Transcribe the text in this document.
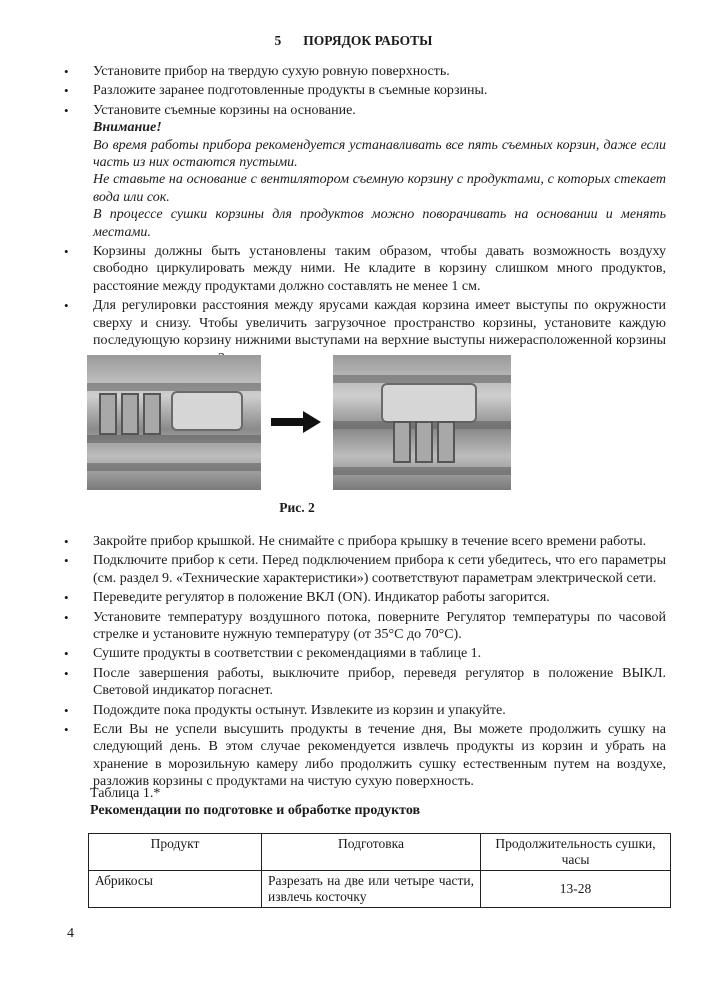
5 ПОРЯДОК РАБОТЫ
• Установите прибор на твердую сухую ровную поверхность.
• Разложите заранее подготовленные продукты в съемные корзины.
• Установите съемные корзины на основание.
Внимание!
Во время работы прибора рекомендуется устанавливать все пять съемных корзин, даже если часть из них остаются пустыми.
Не ставьте на основание с вентилятором съемную корзину с продуктами, с которых стекает вода или сок.
В процессе сушки корзины для продуктов можно поворачивать на основании и менять местами.
• Корзины должны быть установлены таким образом, чтобы давать возможность воздуху свободно циркулировать между ними. Не кладите в корзину слишком много продуктов, расстояние между продуктами должно составлять не менее 1 см.
• Для регулировки расстояния между ярусами каждая корзина имеет выступы по окружности сверху и снизу. Чтобы увеличить загрузочное пространство корзины, установите каждую последующую корзину нижними выступами на верхние выступы нижерасположенной корзины
Рис. 2
• Закройте прибор крышкой. Не снимайте с прибора крышку в течение всего времени работы.
• Подключите прибор к сети. Перед подключением прибора к сети убедитесь, что его параметры (см. раздел 9. «Технические характеристики») соответствуют параметрам электрической сети.
• Переведите регулятор в положение ВКЛ (ON). Индикатор работы загорится.
• Установите температуру воздушного потока, поверните Регулятор температуры по часовой стрелке и установите нужную температуру (от 35°C до 70°C).
• Сушите продукты в соответствии с рекомендациями в таблице 1.
• После завершения работы, выключите прибор, переведя регулятор в положение ВЫКЛ. Световой индикатор погаснет.
• Подождите пока продукты остынут. Извлеките из корзин и упакуйте.
• Если Вы не успели высушить продукты в течение дня, Вы можете продолжить сушку на следующий день. В этом случае рекомендуется извлечь продукты из корзин и убрать на хранение в морозильную камеру либо продолжить сушку естественным путем на воздухе, разложив корзины с продуктами на чистую сухую поверхность.
Таблица 1.*
Рекомендации по подготовке и обработке продуктов
Продукт	Подготовка	Продолжительность сушки, часы
Абрикосы	Разрезать на две или четыре части, извлечь косточку	13-28
4
